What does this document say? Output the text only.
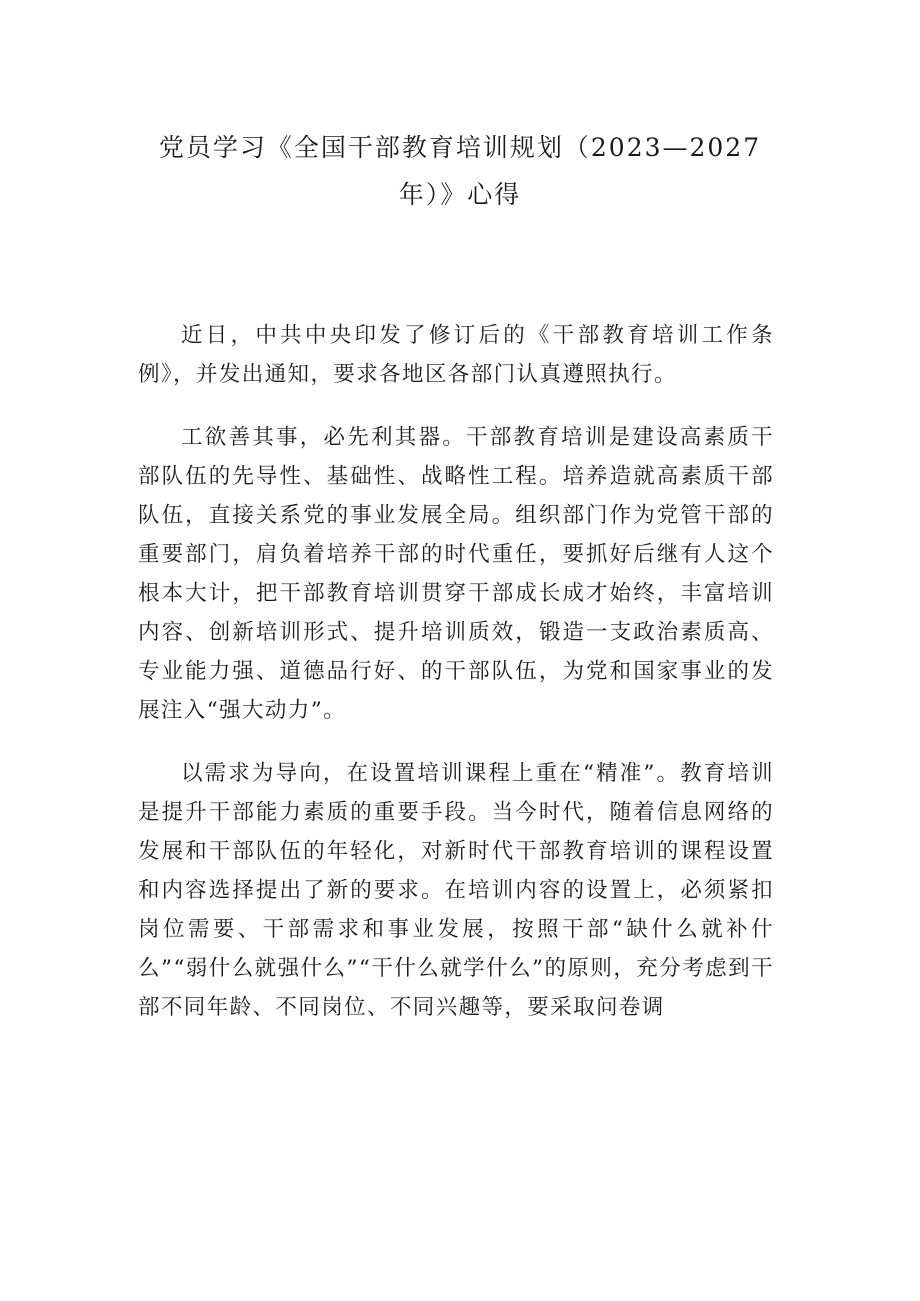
党员学习《全国干部教育培训规划（2023—2027
年）》心得

近日，中共中央印发了修订后的《干部教育培训工作条例》，并发出通知，要求各地区各部门认真遵照执行。

工欲善其事，必先利其器。干部教育培训是建设高素质干部队伍的先导性、基础性、战略性工程。培养造就高素质干部队伍，直接关系党的事业发展全局。组织部门作为党管干部的重要部门，肩负着培养干部的时代重任，要抓好后继有人这个根本大计，把干部教育培训贯穿干部成长成才始终，丰富培训内容、创新培训形式、提升培训质效，锻造一支政治素质高、专业能力强、道德品行好、的干部队伍，为党和国家事业的发展注入“强大动力”。

以需求为导向，在设置培训课程上重在“精准”。教育培训是提升干部能力素质的重要手段。当今时代，随着信息网络的发展和干部队伍的年轻化，对新时代干部教育培训的课程设置和内容选择提出了新的要求。在培训内容的设置上，必须紧扣岗位需要、干部需求和事业发展，按照干部“缺什么就补什么”“弱什么就强什么”“干什么就学什么”的原则，充分考虑到干部不同年龄、不同岗位、不同兴趣等，要采取问卷调
